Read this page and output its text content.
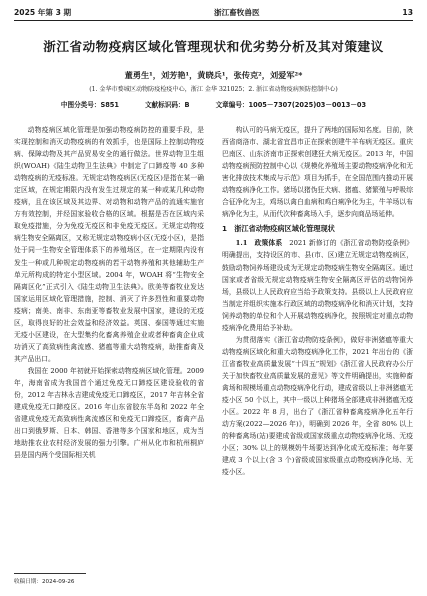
2025 年第 3 期	浙江畜牧兽医	13
浙江省动物疫病区域化管理现状和优劣势分析及其对策建议
董勇生¹，刘芳艳¹，黄晓兵¹，张传克²，刘爱军²*
(1. 金华市婺城区动物防疫检疫中心，浙江 金华 321025；2. 浙江省动物疫病预防控制中心)
中图分类号：S851	文献标识码：B	文章编号：1005－7307(2025)03－0013－03

动物疫病区域化管理是加强动物疫病防控的重要手段，是实现控制和消灭动物疫病的有效抓手，也是国际上控制动物疫病、保障动物及其产品贸易安全的通行做法。世界动物卫生组织(WOAH)《陆生动物卫生法典》中制定了口蹄疫等 40 多种动物疫病的无疫标准。无规定动物疫病区(无疫区)是指在某一确定区域，在规定期限内没有发生过规定的某一种或某几种动物疫病，且在该区域及其边界、对动物和动物产品的流通实施官方有效控制，并经国家验收合格的区域。根据是否在区域内采取免疫措施，分为免疫无疫区和非免疫无疫区。无规定动物疫病生物安全隔离区，又称无规定动物疫病小区(无疫小区)，是指处于同一生物安全管理体系下的养殖场区，在一定期限内没有发生一种或几种规定动物疫病的若干动物养殖和其他辅助生产单元所构成的特定小型区域。2004 年，WOAH 将“生物安全隔离区化”正式引入《陆生动物卫生法典》。欧美等畜牧业发达国家运用区域化管理措施，控制、消灭了许多烈性和重要动物疫病；南美、南非、东南亚等畜牧业发展中国家，建设的无疫区，取得良好的社会效益和经济效益。英国、泰国等通过实施无疫小区建设，在大型集约化畜禽养殖企业或者种畜禽企业成功消灭了高致病性禽流感、猪瘟等重大动物疫病，助推畜禽及其产品出口。

我国在 2000 年初就开始探索动物疫病区域化管理。2009 年，海南省成为我国首个通过免疫无口蹄疫区建设验收的省份，2012 年吉林永吉建成免疫无口蹄疫区，2017 年吉林全省建成免疫无口蹄疫区。2016 年山东省胶东半岛和 2022 年全省建成免疫无高致病性禽流感区和免疫无口蹄疫区，畜禽产品出口到俄罗斯、日本、韩国、香港等多个国家和地区，成为当地助推农业农村经济发展的强力引擎。广州从化市和杭州桐庐县是国内两个受国际相关机

构认可的马病无疫区，提升了两地的国际知名度。目前，陕西省商洛市、湖北省宜昌市正在探索创建牛羊布病无疫区。重庆巴南区、山东济南市正探索创建狂犬病无疫区。2013 年，中国动物疫病预防控制中心以《规模化养殖场主要动物疫病净化和无害化排放技术集成与示范》项目为抓手，在全国范围内推动开展动物疫病净化工作。猪场以猪伪狂犬病、猪瘟、猪繁殖与呼吸综合征净化为主，鸡场以禽白血病和鸡白痢净化为主，牛羊场以布病净化为主，从而代次种畜禽场入手，逐步向商品场延伸。

1　浙江省动物疫病区域化管理现状

1.1　政策体系　 2021 新修订的《浙江省动物防疫条例》明确提出，支持设区的市、县(市、区)建立无规定动物疫病区，鼓励动物饲养场建设成为无规定动物疫病生物安全隔离区。通过国家或者省级无规定动物疫病生物安全隔离区评估的动物饲养场，县级以上人民政府应当给予政策支持。县级以上人民政府应当制定并组织实施本行政区域的动物疫病净化和消灭计划，支持饲养动物的单位和个人开展动物疫病净化，按照规定对重点动物疫病净化费用给予补助。

为贯彻落实《浙江省动物防疫条例》，做好非洲猪瘟等重大动物疫病区域化和重大动物疫病净化工作，2021 年出台的《浙江省畜牧业高质量发展“十四五”规划》《浙江省人民政府办公厅关于加快畜牧业高质量发展的意见》等文件明确提出，实施种畜禽场和规模场重点动物疫病净化行动，建成省级以上非洲猪瘟无疫小区 50 个以上，其中一级以上种猪场全部建成非洲猪瘟无疫小区。2022 年 8 月，出台了《浙江省种畜禽疫病净化五年行动方案(2022—2026 年)》，明确到 2026 年，全省 80% 以上的种畜禽场(站)要建成省级或国家级重点动物疫病净化场、无疫小区；30% 以上的规模奶牛场要达到净化或无疫标准；每年要建成 3 个以上(含 3 个)省级或国家级重点动物疫病净化场、无疫小区。

收稿日期：2024-09-26
